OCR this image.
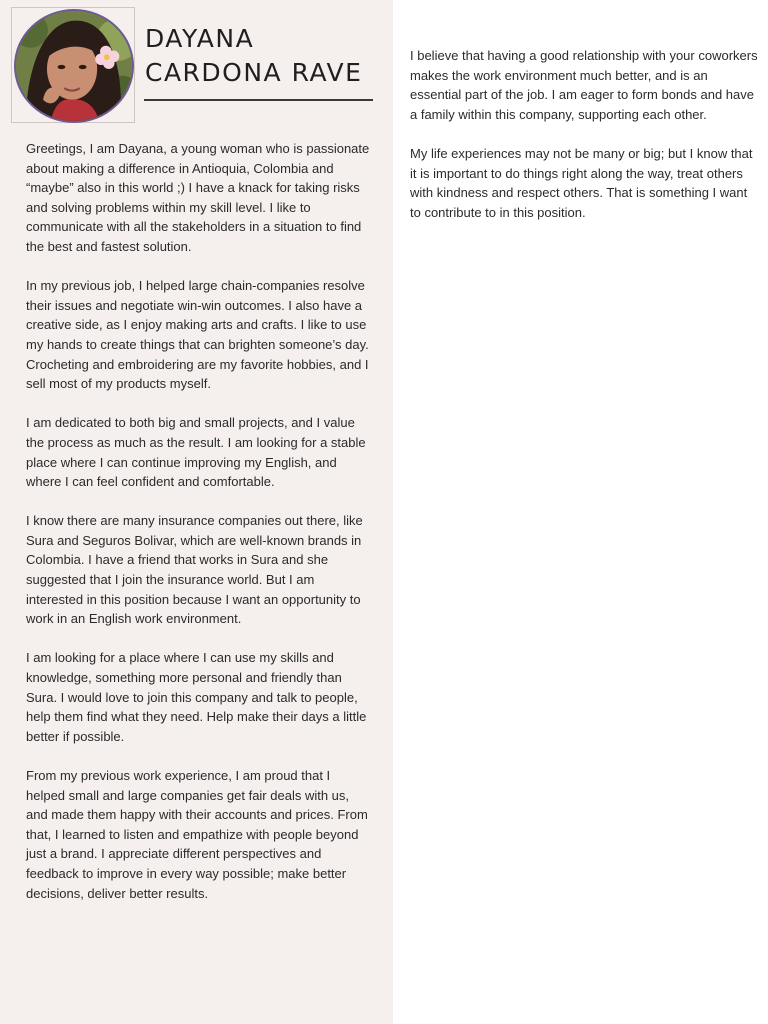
DAYANA
CARDONA RAVE

Greetings, I am Dayana, a young woman who is passionate about making a difference in Antioquia, Colombia and “maybe” also in this world ;) I have a knack for taking risks and solving problems within my skill level. I like to communicate with all the stakeholders in a situation to find the best and fastest solution.

In my previous job, I helped large chain-companies resolve their issues and negotiate win-win outcomes. I also have a creative side, as I enjoy making arts and crafts. I like to use my hands to create things that can brighten someone’s day. Crocheting and embroidering are my favorite hobbies, and I sell most of my products myself.

I am dedicated to both big and small projects, and I value the process as much as the result. I am looking for a stable place where I can continue improving my English, and where I can feel confident and comfortable.

I know there are many insurance companies out there, like Sura and Seguros Bolivar, which are well-known brands in Colombia. I have a friend that works in Sura and she suggested that I join the insurance world. But I am interested in this position because I want an opportunity to work in an English work environment.

I am looking for a place where I can use my skills and knowledge, something more personal and friendly than Sura. I would love to join this company and talk to people, help them find what they need. Help make their days a little better if possible.

From my previous work experience, I am proud that I helped small and large companies get fair deals with us, and made them happy with their accounts and prices. From that, I learned to listen and empathize with people beyond just a brand. I appreciate different perspectives and feedback to improve in every way possible; make better decisions, deliver better results.

I believe that having a good relationship with your coworkers makes the work environment much better, and is an essential part of the job. I am eager to form bonds and have a family within this company, supporting each other.

My life experiences may not be many or big; but I know that it is important to do things right along the way, treat others with kindness and respect others. That is something I want to contribute to in this position.
